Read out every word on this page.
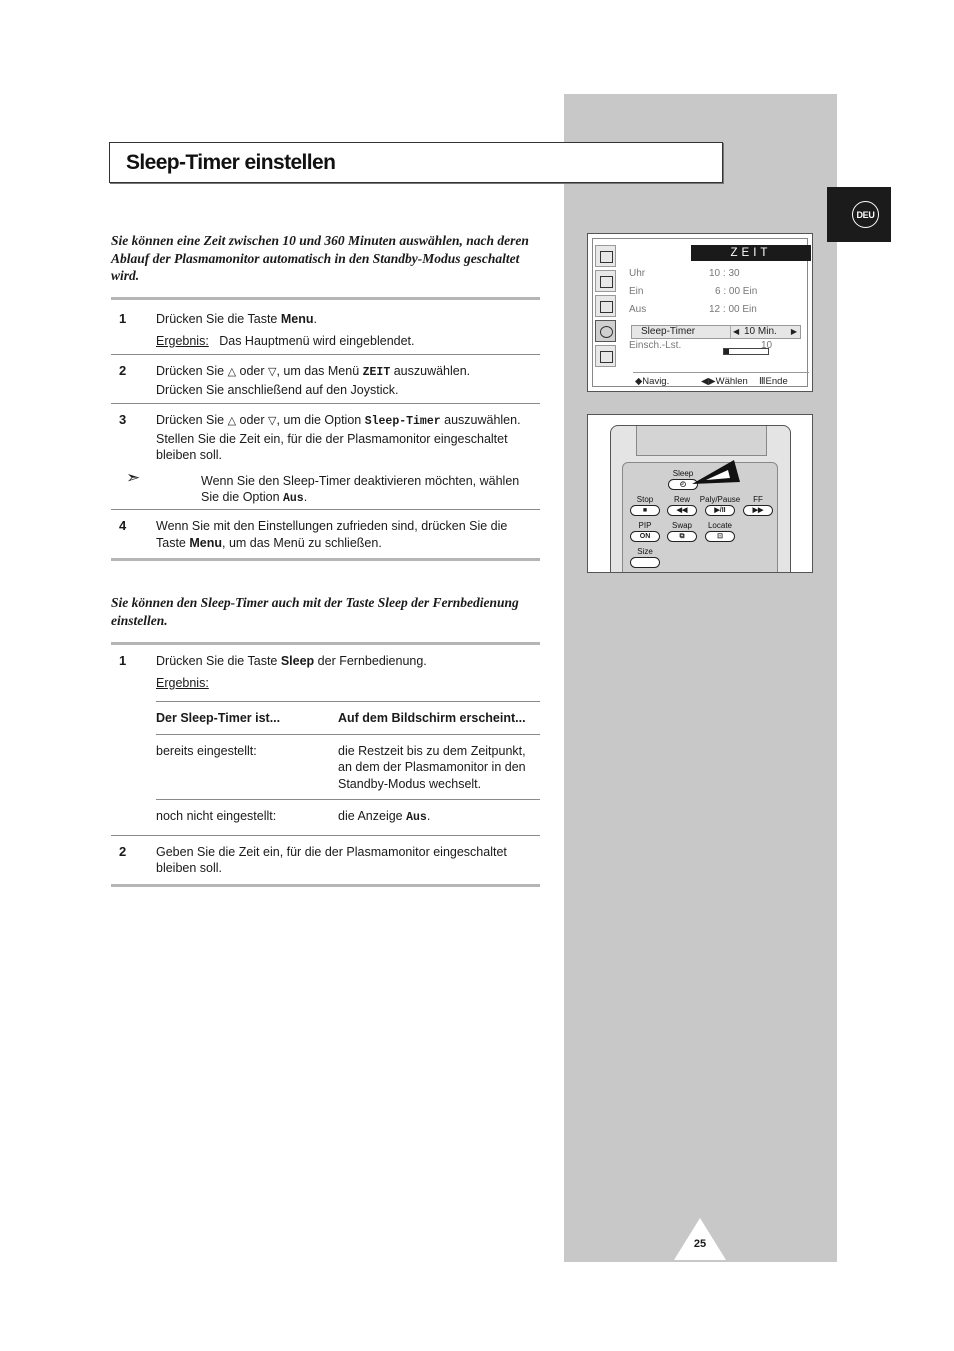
DEU
Sleep-Timer einstellen

Sie können eine Zeit zwischen 10 und 360 Minuten auswählen, nach deren Ablauf der Plasmamonitor automatisch in den Standby-Modus geschaltet wird.

1 Drücken Sie die Taste Menu.
Ergebnis: Das Hauptmenü wird eingeblendet.
2 Drücken Sie △ oder ▽, um das Menü ZEIT auszuwählen.
Drücken Sie anschließend auf den Joystick.
3 Drücken Sie △ oder ▽, um die Option Sleep-Timer auszuwählen. Stellen Sie die Zeit ein, für die der Plasmamonitor eingeschaltet bleiben soll.
➣	Wenn Sie den Sleep-Timer deaktivieren möchten, wählen Sie die Option Aus.
4 Wenn Sie mit den Einstellungen zufrieden sind, drücken Sie die Taste Menu, um das Menü zu schließen.

Sie können den Sleep-Timer auch mit der Taste Sleep der Fernbedienung einstellen.

1 Drücken Sie die Taste Sleep der Fernbedienung.
Ergebnis:
Der Sleep-Timer ist...	Auf dem Bildschirm erscheint...
bereits eingestellt:	die Restzeit bis zu dem Zeitpunkt, an dem der Plasmamonitor in den Standby-Modus wechselt.
noch nicht eingestellt:	die Anzeige Aus.
2 Geben Sie die Zeit ein, für die der Plasmamonitor eingeschaltet bleiben soll.
ZEIT
Uhr	10 : 30
Ein	6 : 00 Ein
Aus	12 : 00 Ein
Sleep-Timer
◀	10 Min. ▶
Einsch.-Lst.	10
◆Navig.	◀▶Wählen ⅢEnde
Sleep
◴
Stop	Rew	Paly/Pause	FF
■	◀◀	▶/II	▶▶
PIP	Swap	Locate
ON	⧉	⊡
Size
25
